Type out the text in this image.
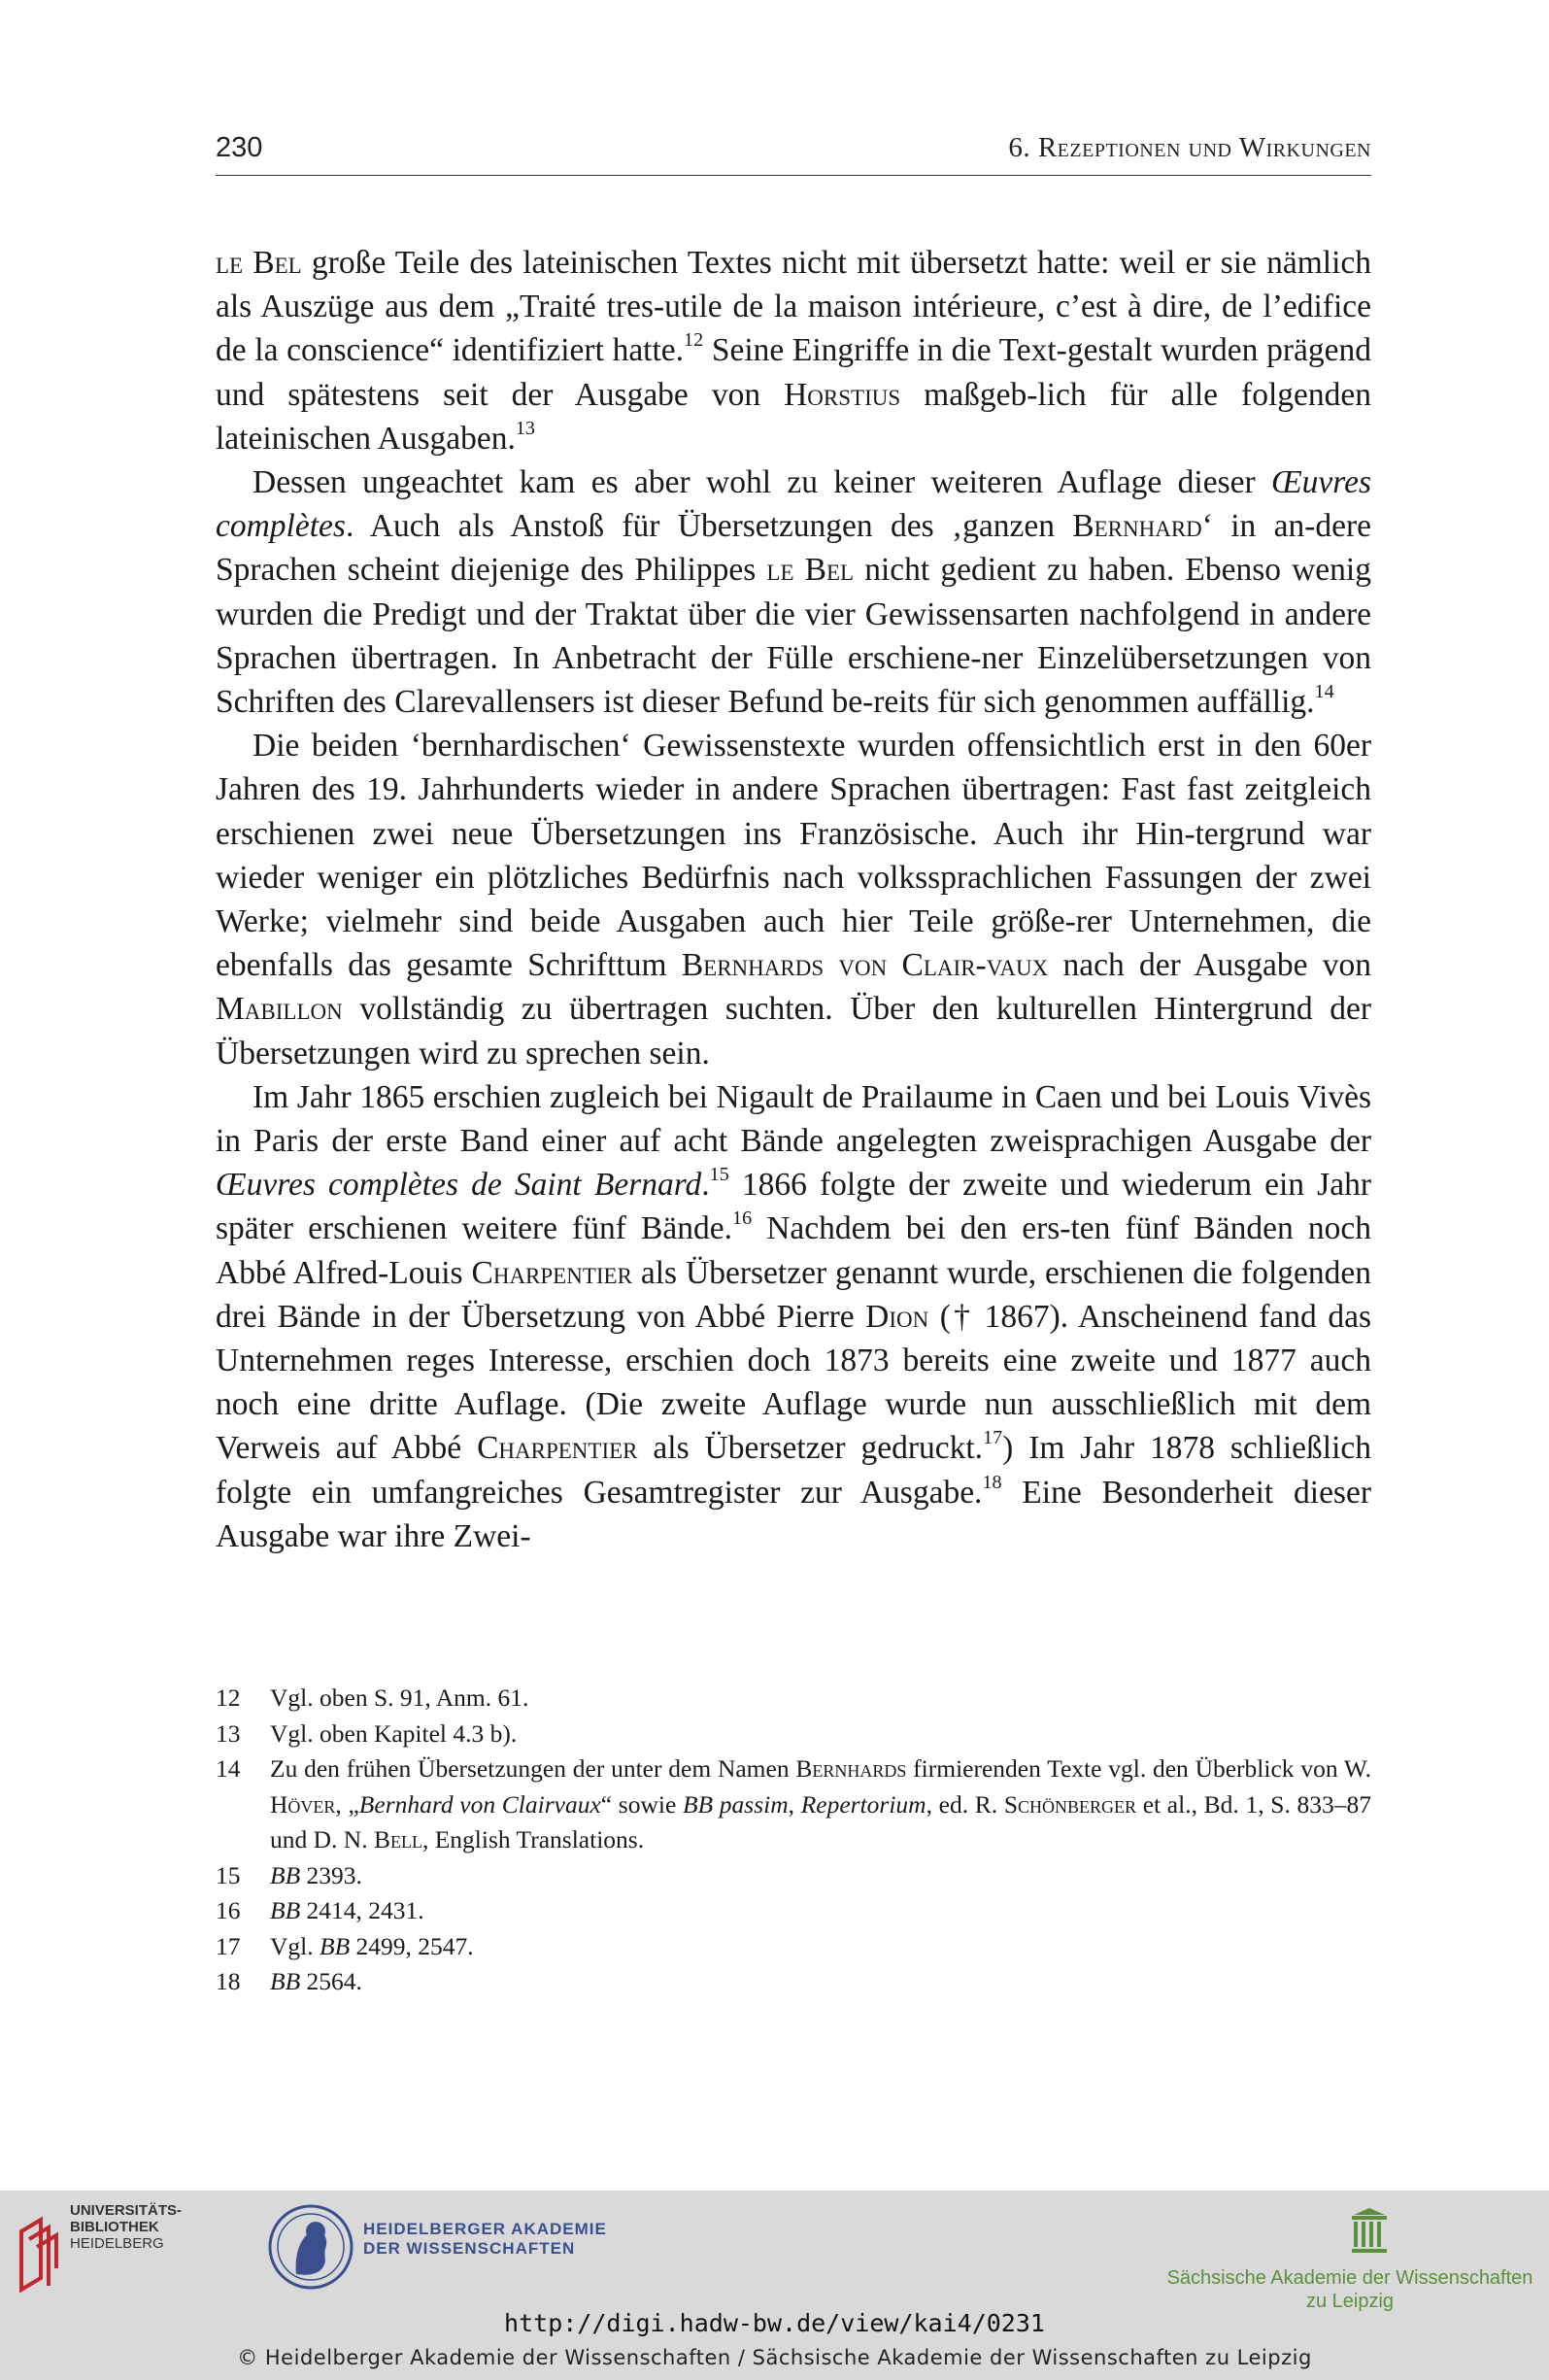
230	6. Rezeptionen und Wirkungen

le Bel große Teile des lateinischen Textes nicht mit übersetzt hatte: weil er sie nämlich als Auszüge aus dem „Traité tres-utile de la maison intérieure, c’est à dire, de l’edifice de la conscience“ identifiziert hatte.$^{12}$ Seine Eingriffe in die Text-gestalt wurden prägend und spätestens seit der Ausgabe von Horstius maßgeb-lich für alle folgenden lateinischen Ausgaben.$^{13}$

Dessen ungeachtet kam es aber wohl zu keiner weiteren Auflage dieser Œuvres complètes. Auch als Anstoß für Übersetzungen des ‚ganzen Bernhard‘ in an-dere Sprachen scheint diejenige des Philippes le Bel nicht gedient zu haben. Ebenso wenig wurden die Predigt und der Traktat über die vier Gewissensarten nachfolgend in andere Sprachen übertragen. In Anbetracht der Fülle erschiene-ner Einzelübersetzungen von Schriften des Clarevallensers ist dieser Befund be-reits für sich genommen auffällig.$^{14}$

Die beiden ‘bernhardischen‘ Gewissenstexte wurden offensichtlich erst in den 60er Jahren des 19. Jahrhunderts wieder in andere Sprachen übertragen: Fast fast zeitgleich erschienen zwei neue Übersetzungen ins Französische. Auch ihr Hin-tergrund war wieder weniger ein plötzliches Bedürfnis nach volkssprachlichen Fassungen der zwei Werke; vielmehr sind beide Ausgaben auch hier Teile größe-rer Unternehmen, die ebenfalls das gesamte Schrifttum Bernhards von Clair-vaux nach der Ausgabe von Mabillon vollständig zu übertragen suchten. Über den kulturellen Hintergrund der Übersetzungen wird zu sprechen sein.

Im Jahr 1865 erschien zugleich bei Nigault de Prailaume in Caen und bei Louis Vivès in Paris der erste Band einer auf acht Bände angelegten zweisprachigen Ausgabe der Œuvres complètes de Saint Bernard.$^{15}$ 1866 folgte der zweite und wiederum ein Jahr später erschienen weitere fünf Bände.$^{16}$ Nachdem bei den ers-ten fünf Bänden noch Abbé Alfred-Louis Charpentier als Übersetzer genannt wurde, erschienen die folgenden drei Bände in der Übersetzung von Abbé Pierre Dion († 1867). Anscheinend fand das Unternehmen reges Interesse, erschien doch 1873 bereits eine zweite und 1877 auch noch eine dritte Auflage. (Die zweite Auflage wurde nun ausschließlich mit dem Verweis auf Abbé Charpentier als Übersetzer gedruckt.$^{17}$) Im Jahr 1878 schließlich folgte ein umfangreiches Gesamtregister zur Ausgabe.$^{18}$ Eine Besonderheit dieser Ausgabe war ihre Zwei-

12	Vgl. oben S. 91, Anm. 61.
13	Vgl. oben Kapitel 4.3 b).
14	Zu den frühen Übersetzungen der unter dem Namen Bernhards firmierenden Texte vgl. den Überblick von W. Höver, „Bernhard von Clairvaux“ sowie BB passim, Repertorium, ed. R. Schönberger et al., Bd. 1, S. 833–87 und D. N. Bell, English Translations.
15	BB 2393.
16	BB 2414, 2431.
17	Vgl. BB 2499, 2547.
18	BB 2564.
UNIVERSITÄTS-
BIBLIOTHEK
HEIDELBERG
HEIDELBERGER AKADEMIE
DER WISSENSCHAFTEN
Sächsische Akademie der Wissenschaften
zu Leipzig
http://digi.hadw-bw.de/view/kai4/0231
© Heidelberger Akademie der Wissenschaften / Sächsische Akademie der Wissenschaften zu Leipzig
